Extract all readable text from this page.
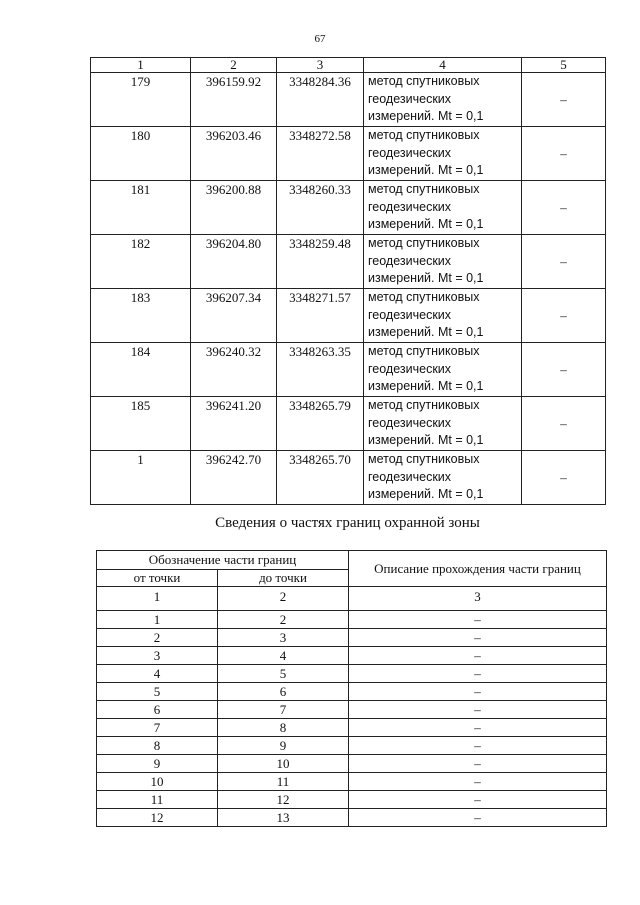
67
1	2	3	4	5
179	396159.92	3348284.36	метод спутниковых
геодезических
измерений. Mt = 0,1	–
180	396203.46	3348272.58	метод спутниковых
геодезических
измерений. Mt = 0,1	–
181	396200.88	3348260.33	метод спутниковых
геодезических
измерений. Mt = 0,1	–
182	396204.80	3348259.48	метод спутниковых
геодезических
измерений. Mt = 0,1	–
183	396207.34	3348271.57	метод спутниковых
геодезических
измерений. Mt = 0,1	–
184	396240.32	3348263.35	метод спутниковых
геодезических
измерений. Mt = 0,1	–
185	396241.20	3348265.79	метод спутниковых
геодезических
измерений. Mt = 0,1	–
1	396242.70	3348265.70	метод спутниковых
геодезических
измерений. Mt = 0,1	–
Сведения о частях границ охранной зоны
Обозначение части границ		Описание прохождения части границ
от точки	до точки	
1	2	3
1	2	–
2	3	–
3	4	–
4	5	–
5	6	–
6	7	–
7	8	–
8	9	–
9	10	–
10	11	–
11	12	–
12	13	–
